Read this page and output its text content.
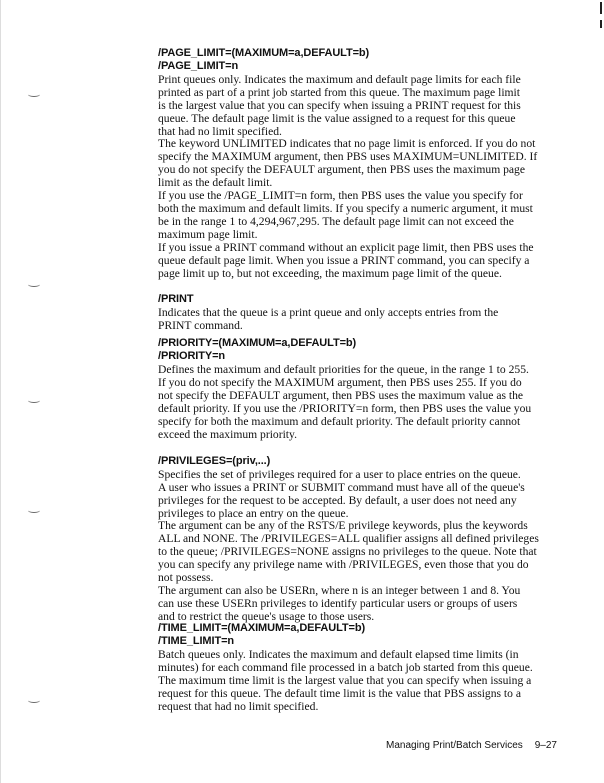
/PAGE_LIMIT=(MAXIMUM=a,DEFAULT=b)
/PAGE_LIMIT=n
Print queues only. Indicates the maximum and default page limits for each file
printed as part of a print job started from this queue. The maximum page limit
is the largest value that you can specify when issuing a PRINT request for this
queue. The default page limit is the value assigned to a request for this queue
that had no limit specified.
The keyword UNLIMITED indicates that no page limit is enforced. If you do not
specify the MAXIMUM argument, then PBS uses MAXIMUM=UNLIMITED. If
you do not specify the DEFAULT argument, then PBS uses the maximum page
limit as the default limit.
If you use the /PAGE_LIMIT=n form, then PBS uses the value you specify for
both the maximum and default limits. If you specify a numeric argument, it must
be in the range 1 to 4,294,967,295. The default page limit can not exceed the
maximum page limit.
If you issue a PRINT command without an explicit page limit, then PBS uses the
queue default page limit. When you issue a PRINT command, you can specify a
page limit up to, but not exceeding, the maximum page limit of the queue.
/PRINT
Indicates that the queue is a print queue and only accepts entries from the
PRINT command.
/PRIORITY=(MAXIMUM=a,DEFAULT=b)
/PRIORITY=n
Defines the maximum and default priorities for the queue, in the range 1 to 255.
If you do not specify the MAXIMUM argument, then PBS uses 255. If you do
not specify the DEFAULT argument, then PBS uses the maximum value as the
default priority. If you use the /PRIORITY=n form, then PBS uses the value you
specify for both the maximum and default priority. The default priority cannot
exceed the maximum priority.
/PRIVILEGES=(priv,...)
Specifies the set of privileges required for a user to place entries on the queue.
A user who issues a PRINT or SUBMIT command must have all of the queue's
privileges for the request to be accepted. By default, a user does not need any
privileges to place an entry on the queue.
The argument can be any of the RSTS/E privilege keywords, plus the keywords
ALL and NONE. The /PRIVILEGES=ALL qualifier assigns all defined privileges
to the queue; /PRIVILEGES=NONE assigns no privileges to the queue. Note that
you can specify any privilege name with /PRIVILEGES, even those that you do
not possess.
The argument can also be USERn, where n is an integer between 1 and 8. You
can use these USERn privileges to identify particular users or groups of users
and to restrict the queue's usage to those users.
/TIME_LIMIT=(MAXIMUM=a,DEFAULT=b)
/TIME_LIMIT=n
Batch queues only. Indicates the maximum and default elapsed time limits (in
minutes) for each command file processed in a batch job started from this queue.
The maximum time limit is the largest value that you can specify when issuing a
request for this queue. The default time limit is the value that PBS assigns to a
request that had no limit specified.
Managing Print/Batch Services 9–27
